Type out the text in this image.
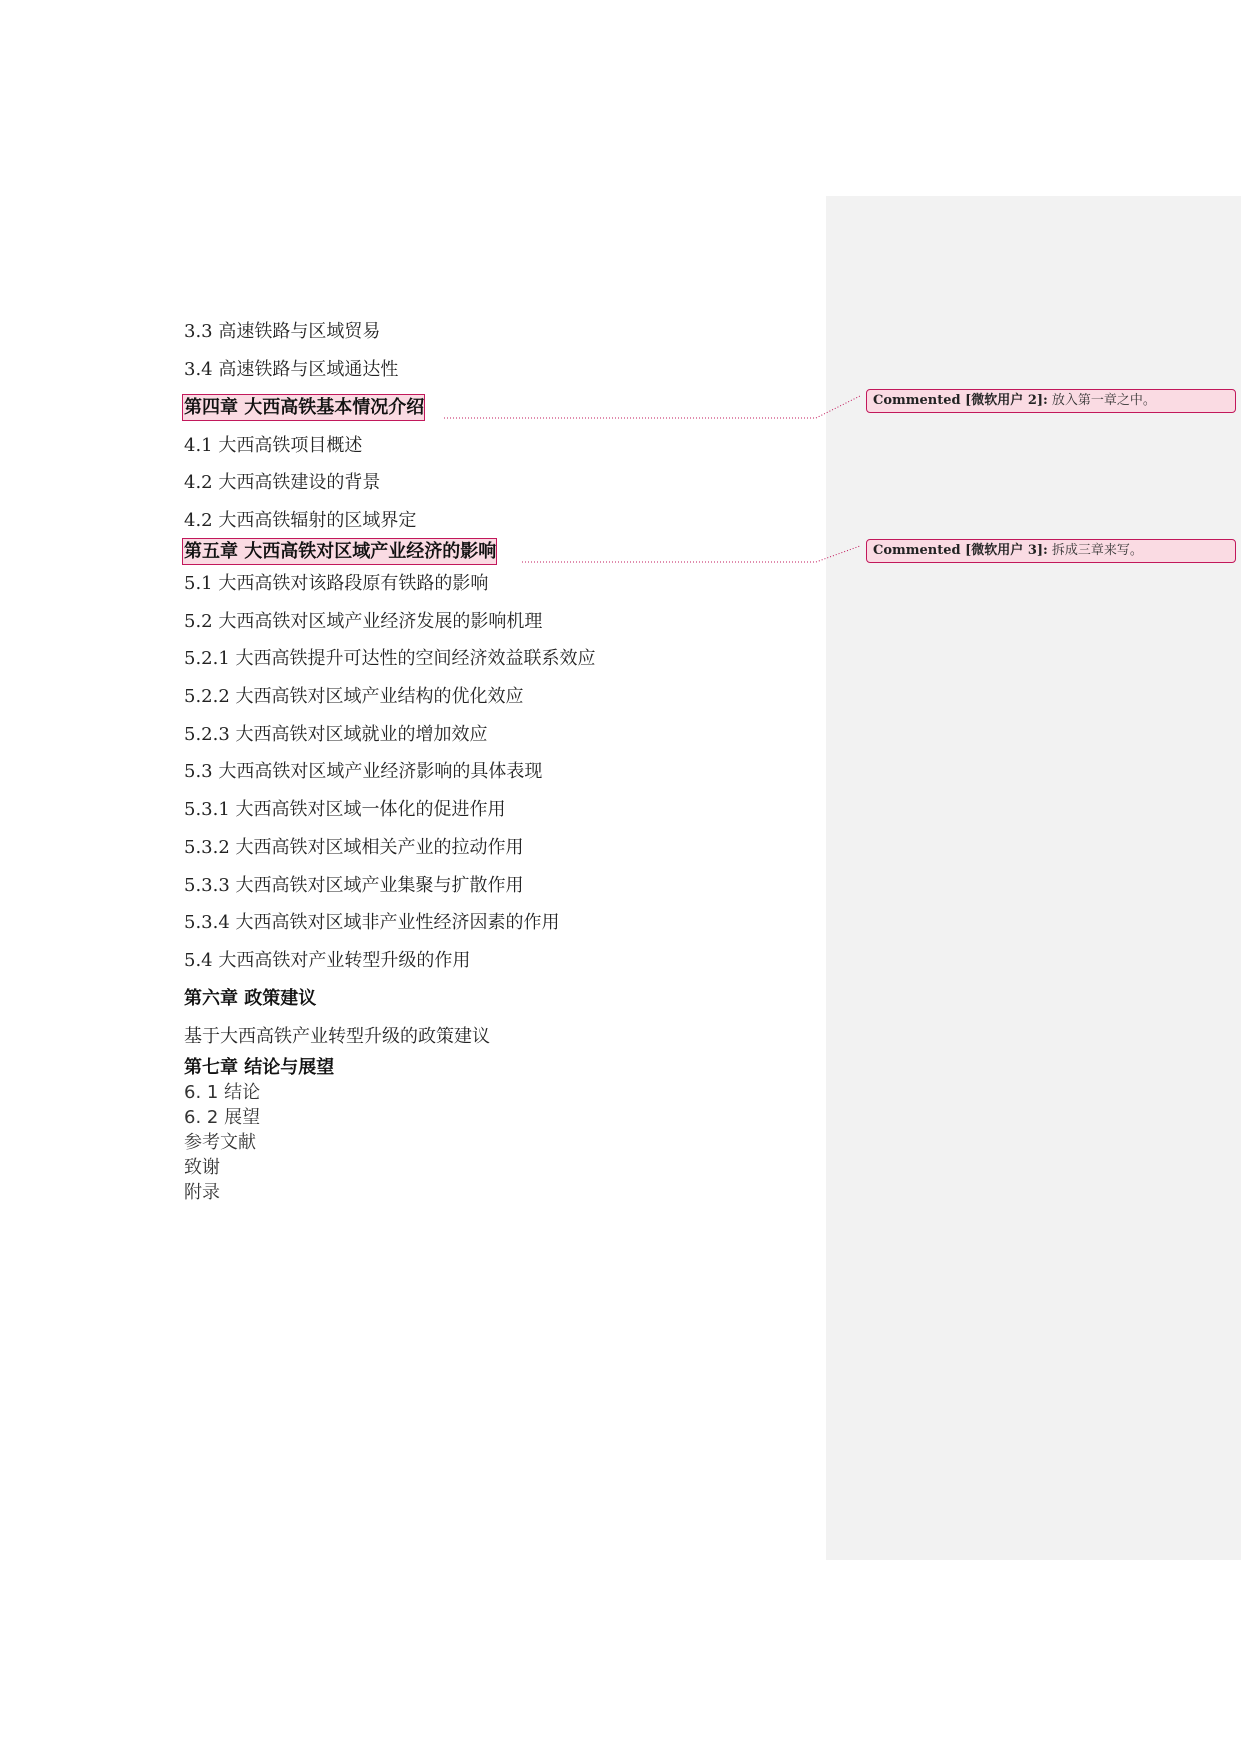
3.3 高速铁路与区域贸易
3.4 高速铁路与区域通达性
第四章 大西高铁基本情况介绍
4.1 大西高铁项目概述
4.2 大西高铁建设的背景
4.2 大西高铁辐射的区域界定
第五章 大西高铁对区域产业经济的影响
5.1 大西高铁对该路段原有铁路的影响
5.2 大西高铁对区域产业经济发展的影响机理
5.2.1 大西高铁提升可达性的空间经济效益联系效应
5.2.2 大西高铁对区域产业结构的优化效应
5.2.3 大西高铁对区域就业的增加效应
5.3 大西高铁对区域产业经济影响的具体表现
5.3.1 大西高铁对区域一体化的促进作用
5.3.2 大西高铁对区域相关产业的拉动作用
5.3.3 大西高铁对区域产业集聚与扩散作用
5.3.4 大西高铁对区域非产业性经济因素的作用
5.4 大西高铁对产业转型升级的作用
第六章 政策建议
基于大西高铁产业转型升级的政策建议
第七章 结论与展望
6. 1 结论
6. 2 展望
参考文献
致谢
附录
Commented [微软用户 2]: 放入第一章之中。
Commented [微软用户 3]: 拆成三章来写。
